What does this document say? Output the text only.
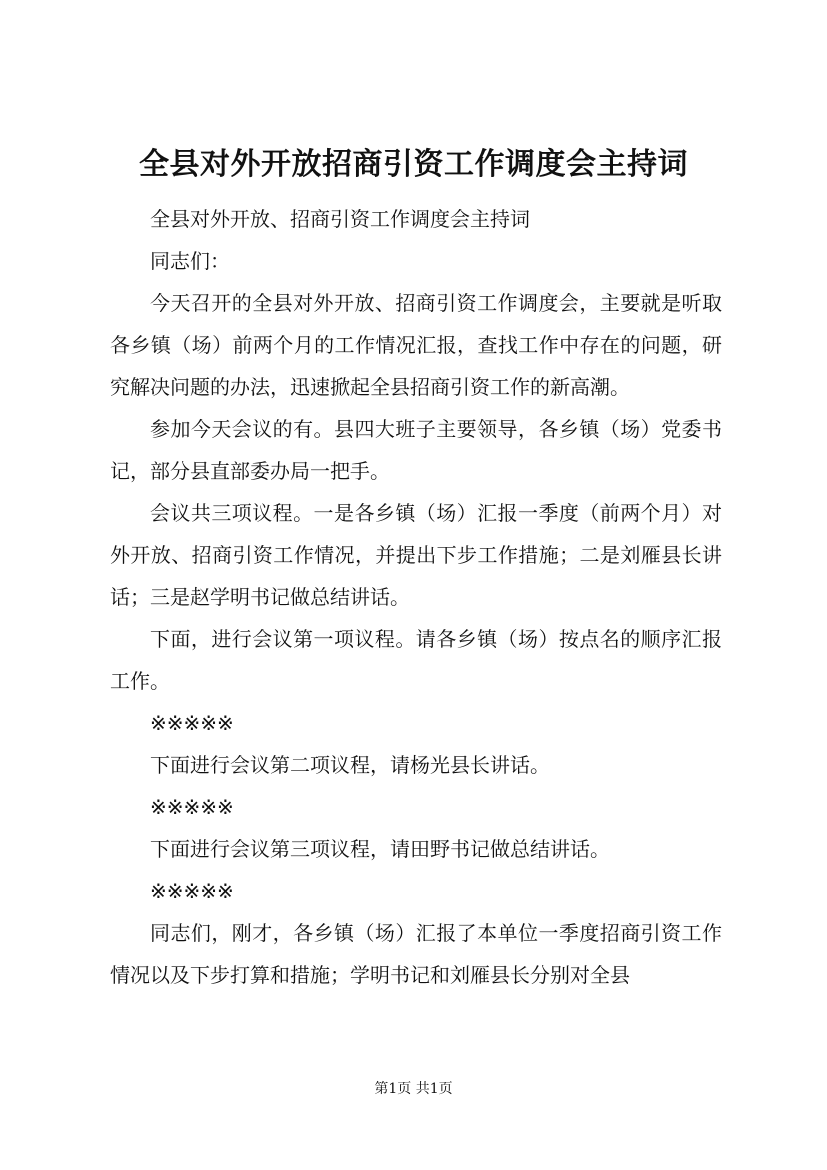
全县对外开放招商引资工作调度会主持词

全县对外开放、招商引资工作调度会主持词

同志们：

今天召开的全县对外开放、招商引资工作调度会，主要就是听取各乡镇（场）前两个月的工作情况汇报，查找工作中存在的问题，研究解决问题的办法，迅速掀起全县招商引资工作的新高潮。

参加今天会议的有。县四大班子主要领导，各乡镇（场）党委书记，部分县直部委办局一把手。

会议共三项议程。一是各乡镇（场）汇报一季度（前两个月）对外开放、招商引资工作情况，并提出下步工作措施；二是刘雁县长讲话；三是赵学明书记做总结讲话。

下面，进行会议第一项议程。请各乡镇（场）按点名的顺序汇报工作。

※※※※※

下面进行会议第二项议程，请杨光县长讲话。

※※※※※

下面进行会议第三项议程，请田野书记做总结讲话。

※※※※※

同志们，刚才，各乡镇（场）汇报了本单位一季度招商引资工作情况以及下步打算和措施；学明书记和刘雁县长分别对全县

第1页 共1页
